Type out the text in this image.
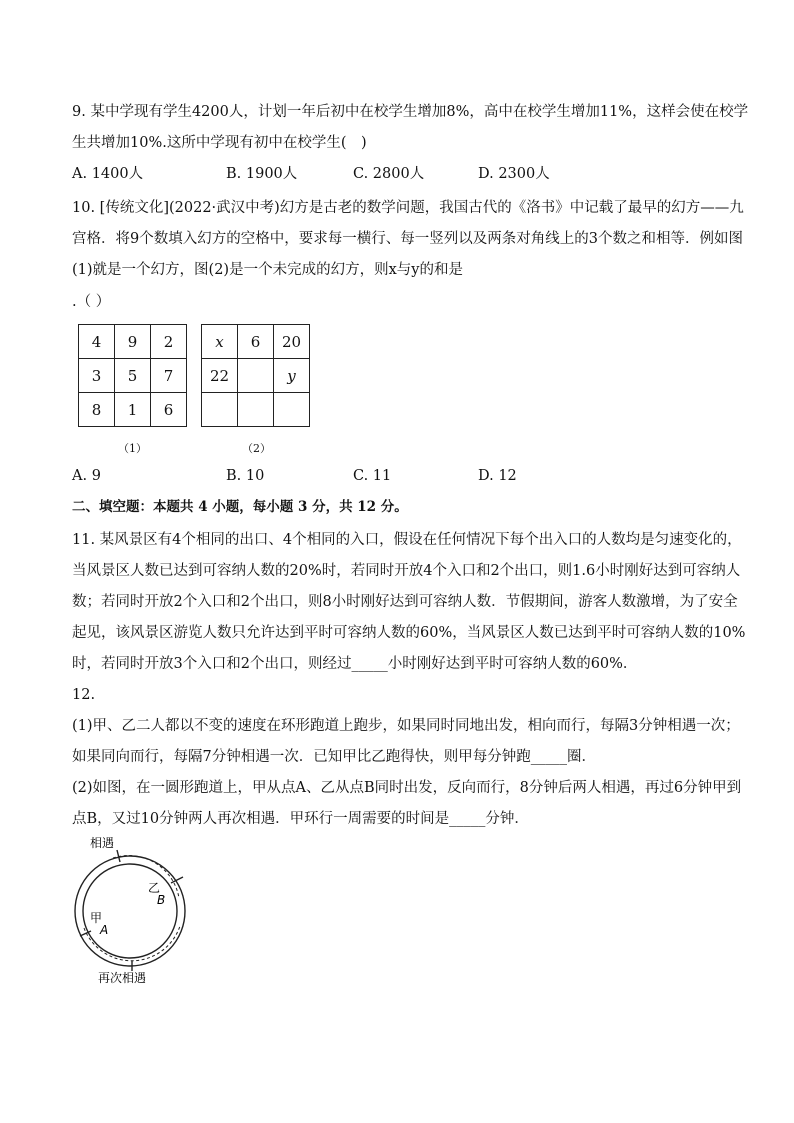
9. 某中学现有学生4200人，计划一年后初中在校学生增加8%，高中在校学生增加11%，这样会使在校学
生共增加10%.这所中学现有初中在校学生(　)
A. 1400人	B. 1900人	C. 2800人	D. 2300人
10. [传统文化](2022·武汉中考)幻方是古老的数学问题，我国古代的《洛书》中记载了最早的幻方——九
宫格．将9个数填入幻方的空格中，要求每一横行、每一竖列以及两条对角线上的3个数之和相等．例如图
(1)就是一个幻方，图(2)是一个未完成的幻方，则x与y的和是
.（ ）
4	9	2
3	5	7
8	1	6
（1）
x	6	20
22		y

（2）
A. 9	B. 10	C. 11	D. 12
二、填空题：本题共 4 小题，每小题 3 分，共 12 分。
11. 某风景区有4个相同的出口、4个相同的入口，假设在任何情况下每个出入口的人数均是匀速变化的，
当风景区人数已达到可容纳人数的20%时，若同时开放4个入口和2个出口，则1.6小时刚好达到可容纳人
数；若同时开放2个入口和2个出口，则8小时刚好达到可容纳人数．节假期间，游客人数激增，为了安全
起见，该风景区游览人数只允许达到平时可容纳人数的60%，当风景区人数已达到平时可容纳人数的10%
时，若同时开放3个入口和2个出口，则经过_____小时刚好达到平时可容纳人数的60%．
12.
(1)甲、乙二人都以不变的速度在环形跑道上跑步，如果同时同地出发，相向而行，每隔3分钟相遇一次；
如果同向而行，每隔7分钟相遇一次．已知甲比乙跑得快，则甲每分钟跑_____圈．
(2)如图，在一圆形跑道上，甲从点A、乙从点B同时出发，反向而行，8分钟后两人相遇，再过6分钟甲到
点B，又过10分钟两人再次相遇．甲环行一周需要的时间是_____分钟．
相遇
乙
B
甲
A
再次相遇
